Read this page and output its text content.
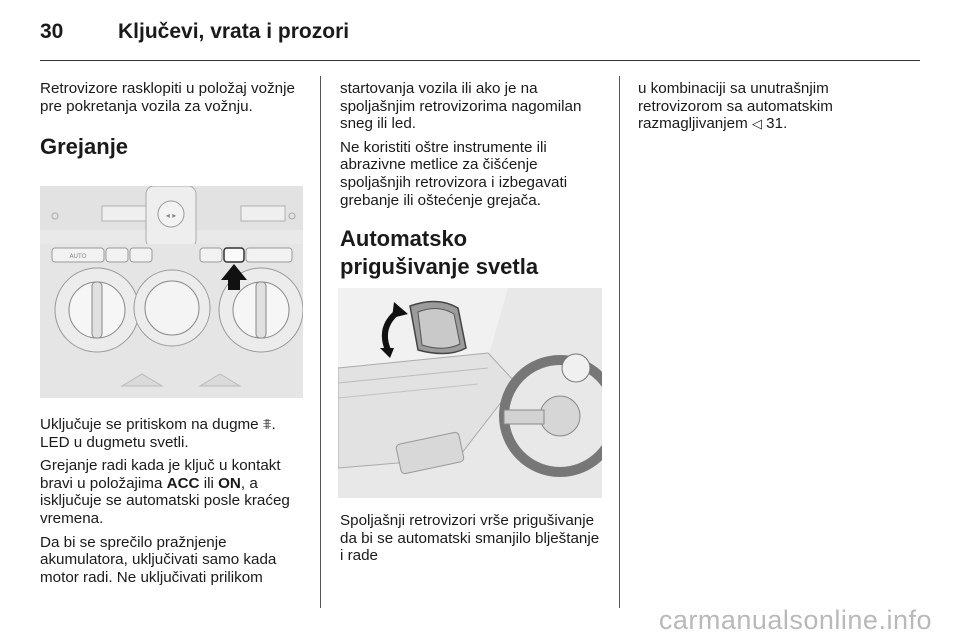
30	Ključevi, vrata i prozori

Retrovizore rasklopiti u položaj vožnje pre pokretanja vozila za vožnju.

Grejanje
◂ ▸
AUTO

Uključuje se pritiskom na dugme ⩨. LED u dugmetu svetli.

Grejanje radi kada je ključ u kontakt bravi u položajima ACC ili ON, a isključuje se automatski posle kraćeg vremena.

Da bi se sprečilo pražnjenje akumulatora, uključivati samo kada motor radi. Ne uključivati prilikom

startovanja vozila ili ako je na spoljašnjim retrovizorima nagomilan sneg ili led.

Ne koristiti oštre instrumente ili abrazivne metlice za čišćenje spoljašnjih retrovizora i izbegavati grebanje ili oštećenje grejača.

Automatsko prigušivanje svetla

Spoljašnji retrovizori vrše prigušivanje da bi se automatski smanjilo blještanje i rade

u kombinaciji sa unutrašnjim retrovizorom sa automatskim razmagljivanjem ◁ 31.

carmanualsonline.info
